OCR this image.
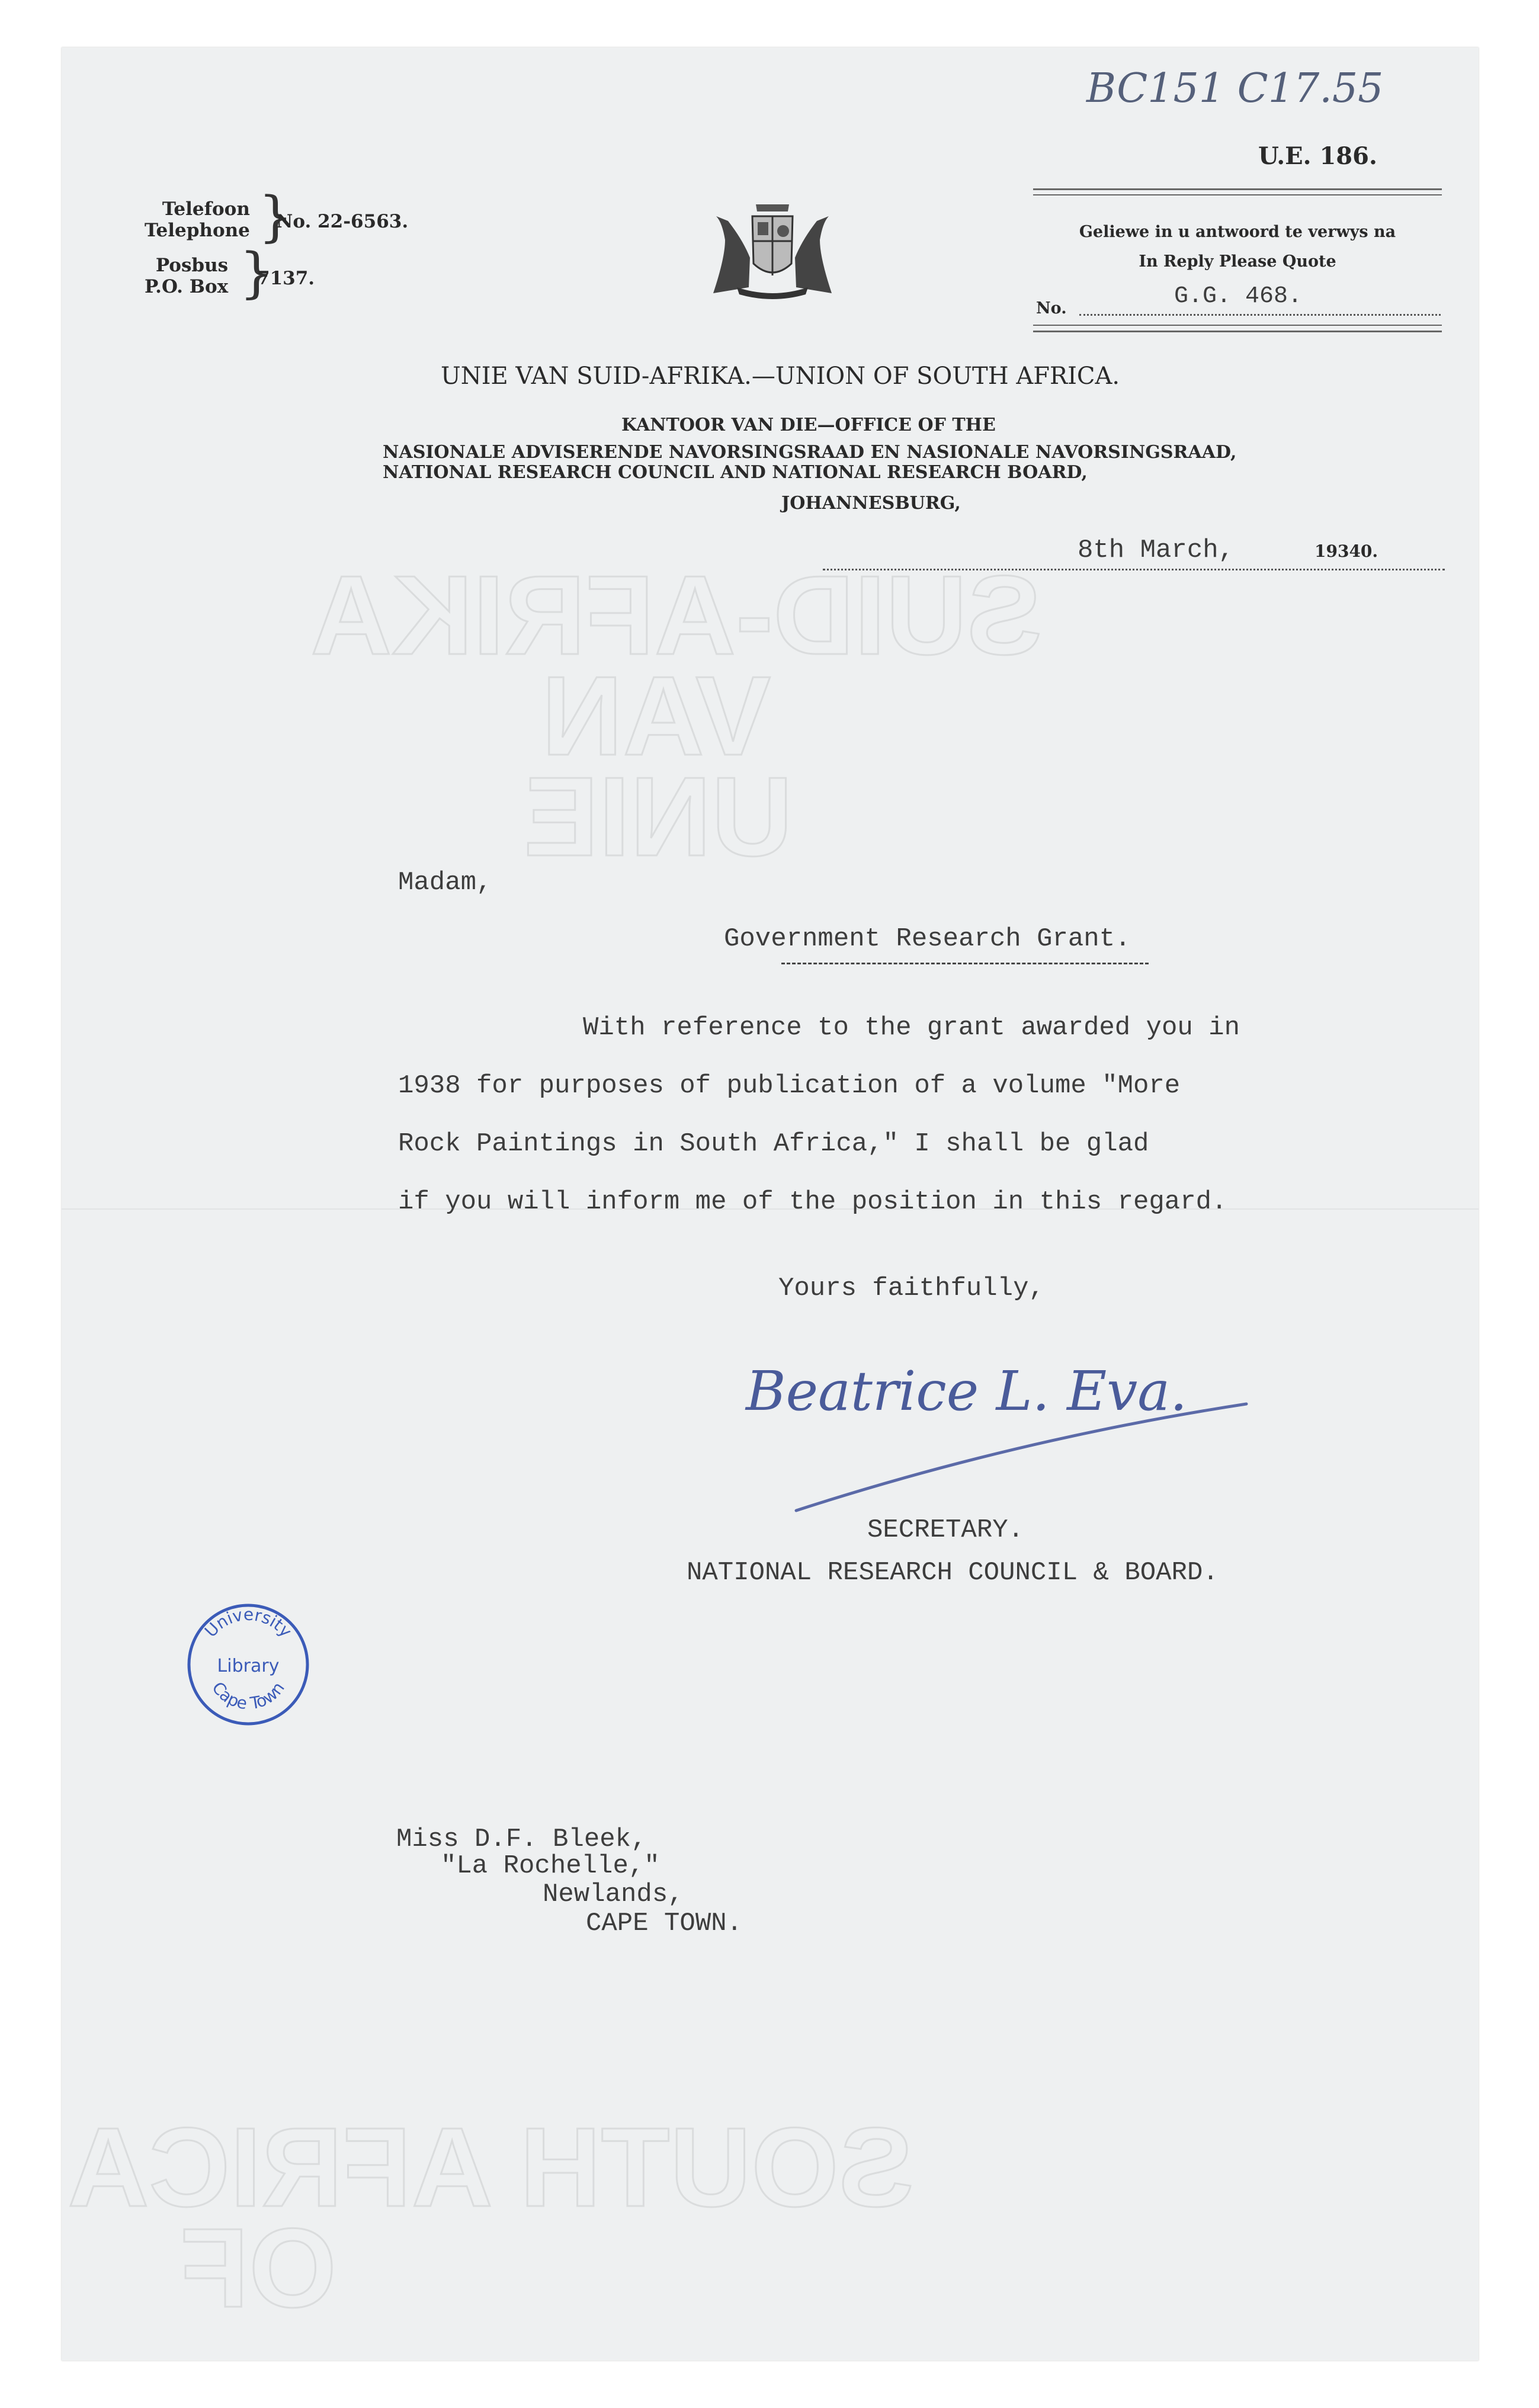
SUID-AFRIKA
VAN
UNIE
SOUTH AFRICA
OF
BC151 C17.55
U.E. 186.
Telefoon
Telephone }
No. 22-6563.
Posbus
P.O. Box }
7137.
Geliewe in u antwoord te verwys na
In Reply Please Quote
No.	G.G. 468.
UNIE VAN SUID-AFRIKA.—UNION OF SOUTH AFRICA.
KANTOOR VAN DIE—OFFICE OF THE
NASIONALE ADVISERENDE NAVORSINGSRAAD EN NASIONALE NAVORSINGSRAAD,
NATIONAL RESEARCH COUNCIL AND NATIONAL RESEARCH BOARD,
JOHANNESBURG,
8th March,	19340.
Madam,
Government Research Grant.
With reference to the grant awarded you in
1938 for purposes of publication of a volume "More
Rock Paintings in South Africa," I shall be glad
if you will inform me of the position in this regard.
Yours faithfully,
Beatrice L. Eva.
SECRETARY.
NATIONAL RESEARCH COUNCIL & BOARD.
University
Library
Cape Town
Miss D.F. Bleek,
"La Rochelle,"
Newlands,
CAPE TOWN.
